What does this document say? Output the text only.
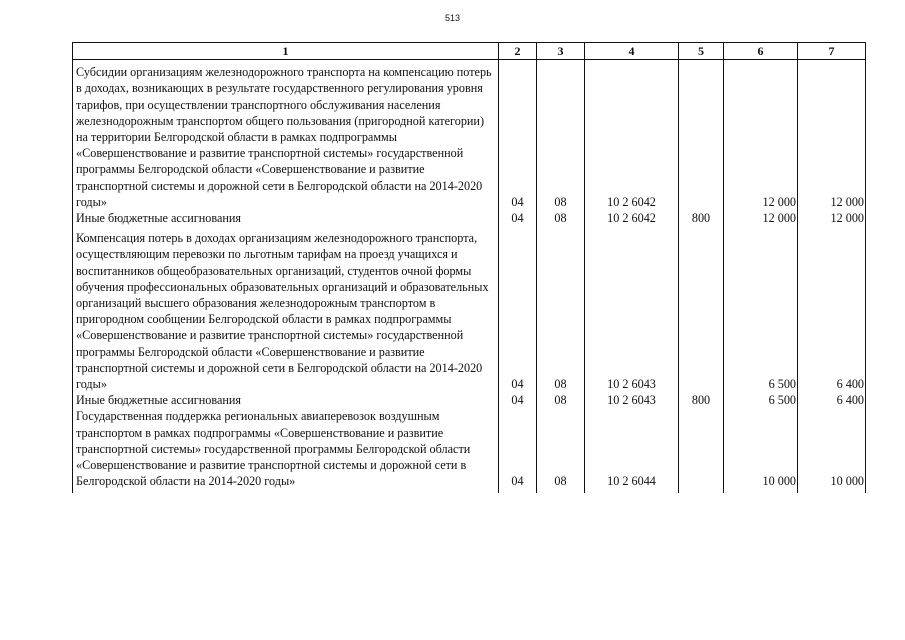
513
1	2	3	4	5	6	7

Субсидии организациям железнодорожного транспорта на компенсацию потерь в доходах, возникающих в результате государственного регулирования уровня тарифов, при осуществлении транспортного обслуживания населения железнодорожным транспортом общего пользования (пригородной категории) на территории Белгородской области в рамках подпрограммы «Совершенствование и развитие транспортной системы» государственной программы Белгородской области «Совершенствование и развитие транспортной системы и дорожной сети в Белгородской области на 2014-2020 годы»	04	08	10 2 6042		12 000	12 000
Иные бюджетные ассигнования	04	08	10 2 6042	800	12 000	12 000

Компенсация потерь в доходах организациям железнодорожного транспорта, осуществляющим перевозки по льготным тарифам на проезд учащихся и воспитанников общеобразовательных организаций, студентов очной формы обучения профессиональных образовательных организаций и образовательных организаций высшего образования железнодорожным транспортом в пригородном сообщении Белгородской области в рамках подпрограммы «Совершенствование и развитие транспортной системы» государственной программы Белгородской области «Совершенствование и развитие транспортной системы и дорожной сети в Белгородской области на 2014-2020 годы»	04	08	10 2 6043		6 500	6 400
Иные бюджетные ассигнования	04	08	10 2 6043	800	6 500	6 400
Государственная поддержка региональных авиаперевозок воздушным транспортом в рамках подпрограммы «Совершенствование и развитие транспортной системы» государственной программы Белгородской области «Совершенствование и развитие транспортной системы и дорожной сети в Белгородской области на 2014-2020 годы»	04	08	10 2 6044		10 000	10 000
